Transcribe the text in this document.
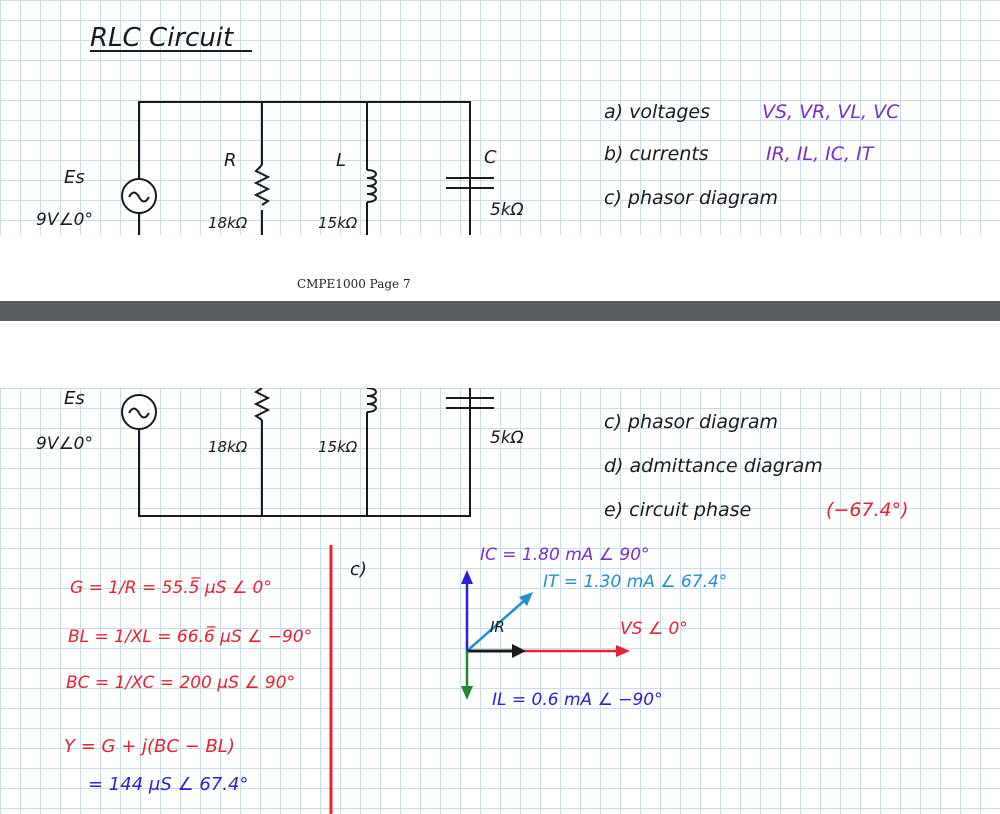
CMPE1000 Page 7
RLC Circuit
Es
9V∠0°
R
18kΩ
L
15kΩ
C
5kΩ
a) voltages	VS, VR, VL, VC
b) currents	IR, IL, IC, IT
c) phasor diagram
Es
9V∠0°	18kΩ	15kΩ	5kΩ
c) phasor diagram
d) admittance diagram
e) circuit phase	(−67.4°)
G = 1/R = 55.5̅ μS ∠ 0°
BL = 1/XL = 66.6̅ μS ∠ −90°
BC = 1/XC = 200 μS ∠ 90°
Y = G + j(BC − BL)
= 144 μS ∠ 67.4°
c)
IC = 1.80 mA ∠ 90°
IT = 1.30 mA ∠ 67.4°
IR	VS ∠ 0°
IL = 0.6 mA ∠ −90°
